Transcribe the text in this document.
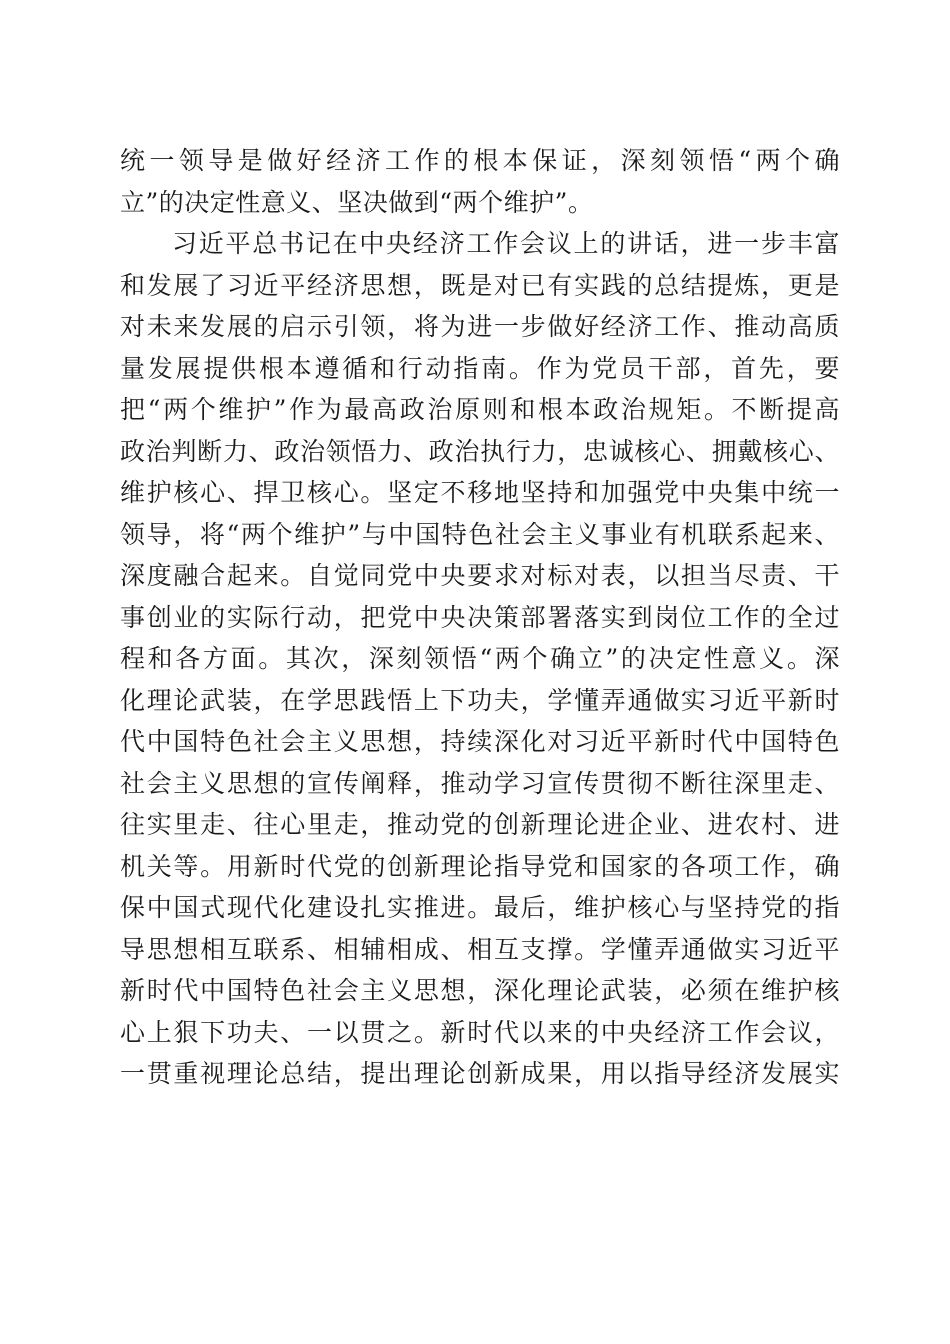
统一领导是做好经济工作的根本保证，深刻领悟“两个确
立”的决定性意义、坚决做到“两个维护”。
习近平总书记在中央经济工作会议上的讲话，进一步丰富
和发展了习近平经济思想，既是对已有实践的总结提炼，更是
对未来发展的启示引领，将为进一步做好经济工作、推动高质
量发展提供根本遵循和行动指南。作为党员干部，首先，要
把“两个维护”作为最高政治原则和根本政治规矩。不断提高
政治判断力、政治领悟力、政治执行力，忠诚核心、拥戴核心、
维护核心、捍卫核心。坚定不移地坚持和加强党中央集中统一
领导，将“两个维护”与中国特色社会主义事业有机联系起来、
深度融合起来。自觉同党中央要求对标对表，以担当尽责、干
事创业的实际行动，把党中央决策部署落实到岗位工作的全过
程和各方面。其次，深刻领悟“两个确立”的决定性意义。深
化理论武装，在学思践悟上下功夫，学懂弄通做实习近平新时
代中国特色社会主义思想，持续深化对习近平新时代中国特色
社会主义思想的宣传阐释，推动学习宣传贯彻不断往深里走、
往实里走、往心里走，推动党的创新理论进企业、进农村、进
机关等。用新时代党的创新理论指导党和国家的各项工作，确
保中国式现代化建设扎实推进。最后，维护核心与坚持党的指
导思想相互联系、相辅相成、相互支撑。学懂弄通做实习近平
新时代中国特色社会主义思想，深化理论武装，必须在维护核
心上狠下功夫、一以贯之。新时代以来的中央经济工作会议，
一贯重视理论总结，提出理论创新成果，用以指导经济发展实
